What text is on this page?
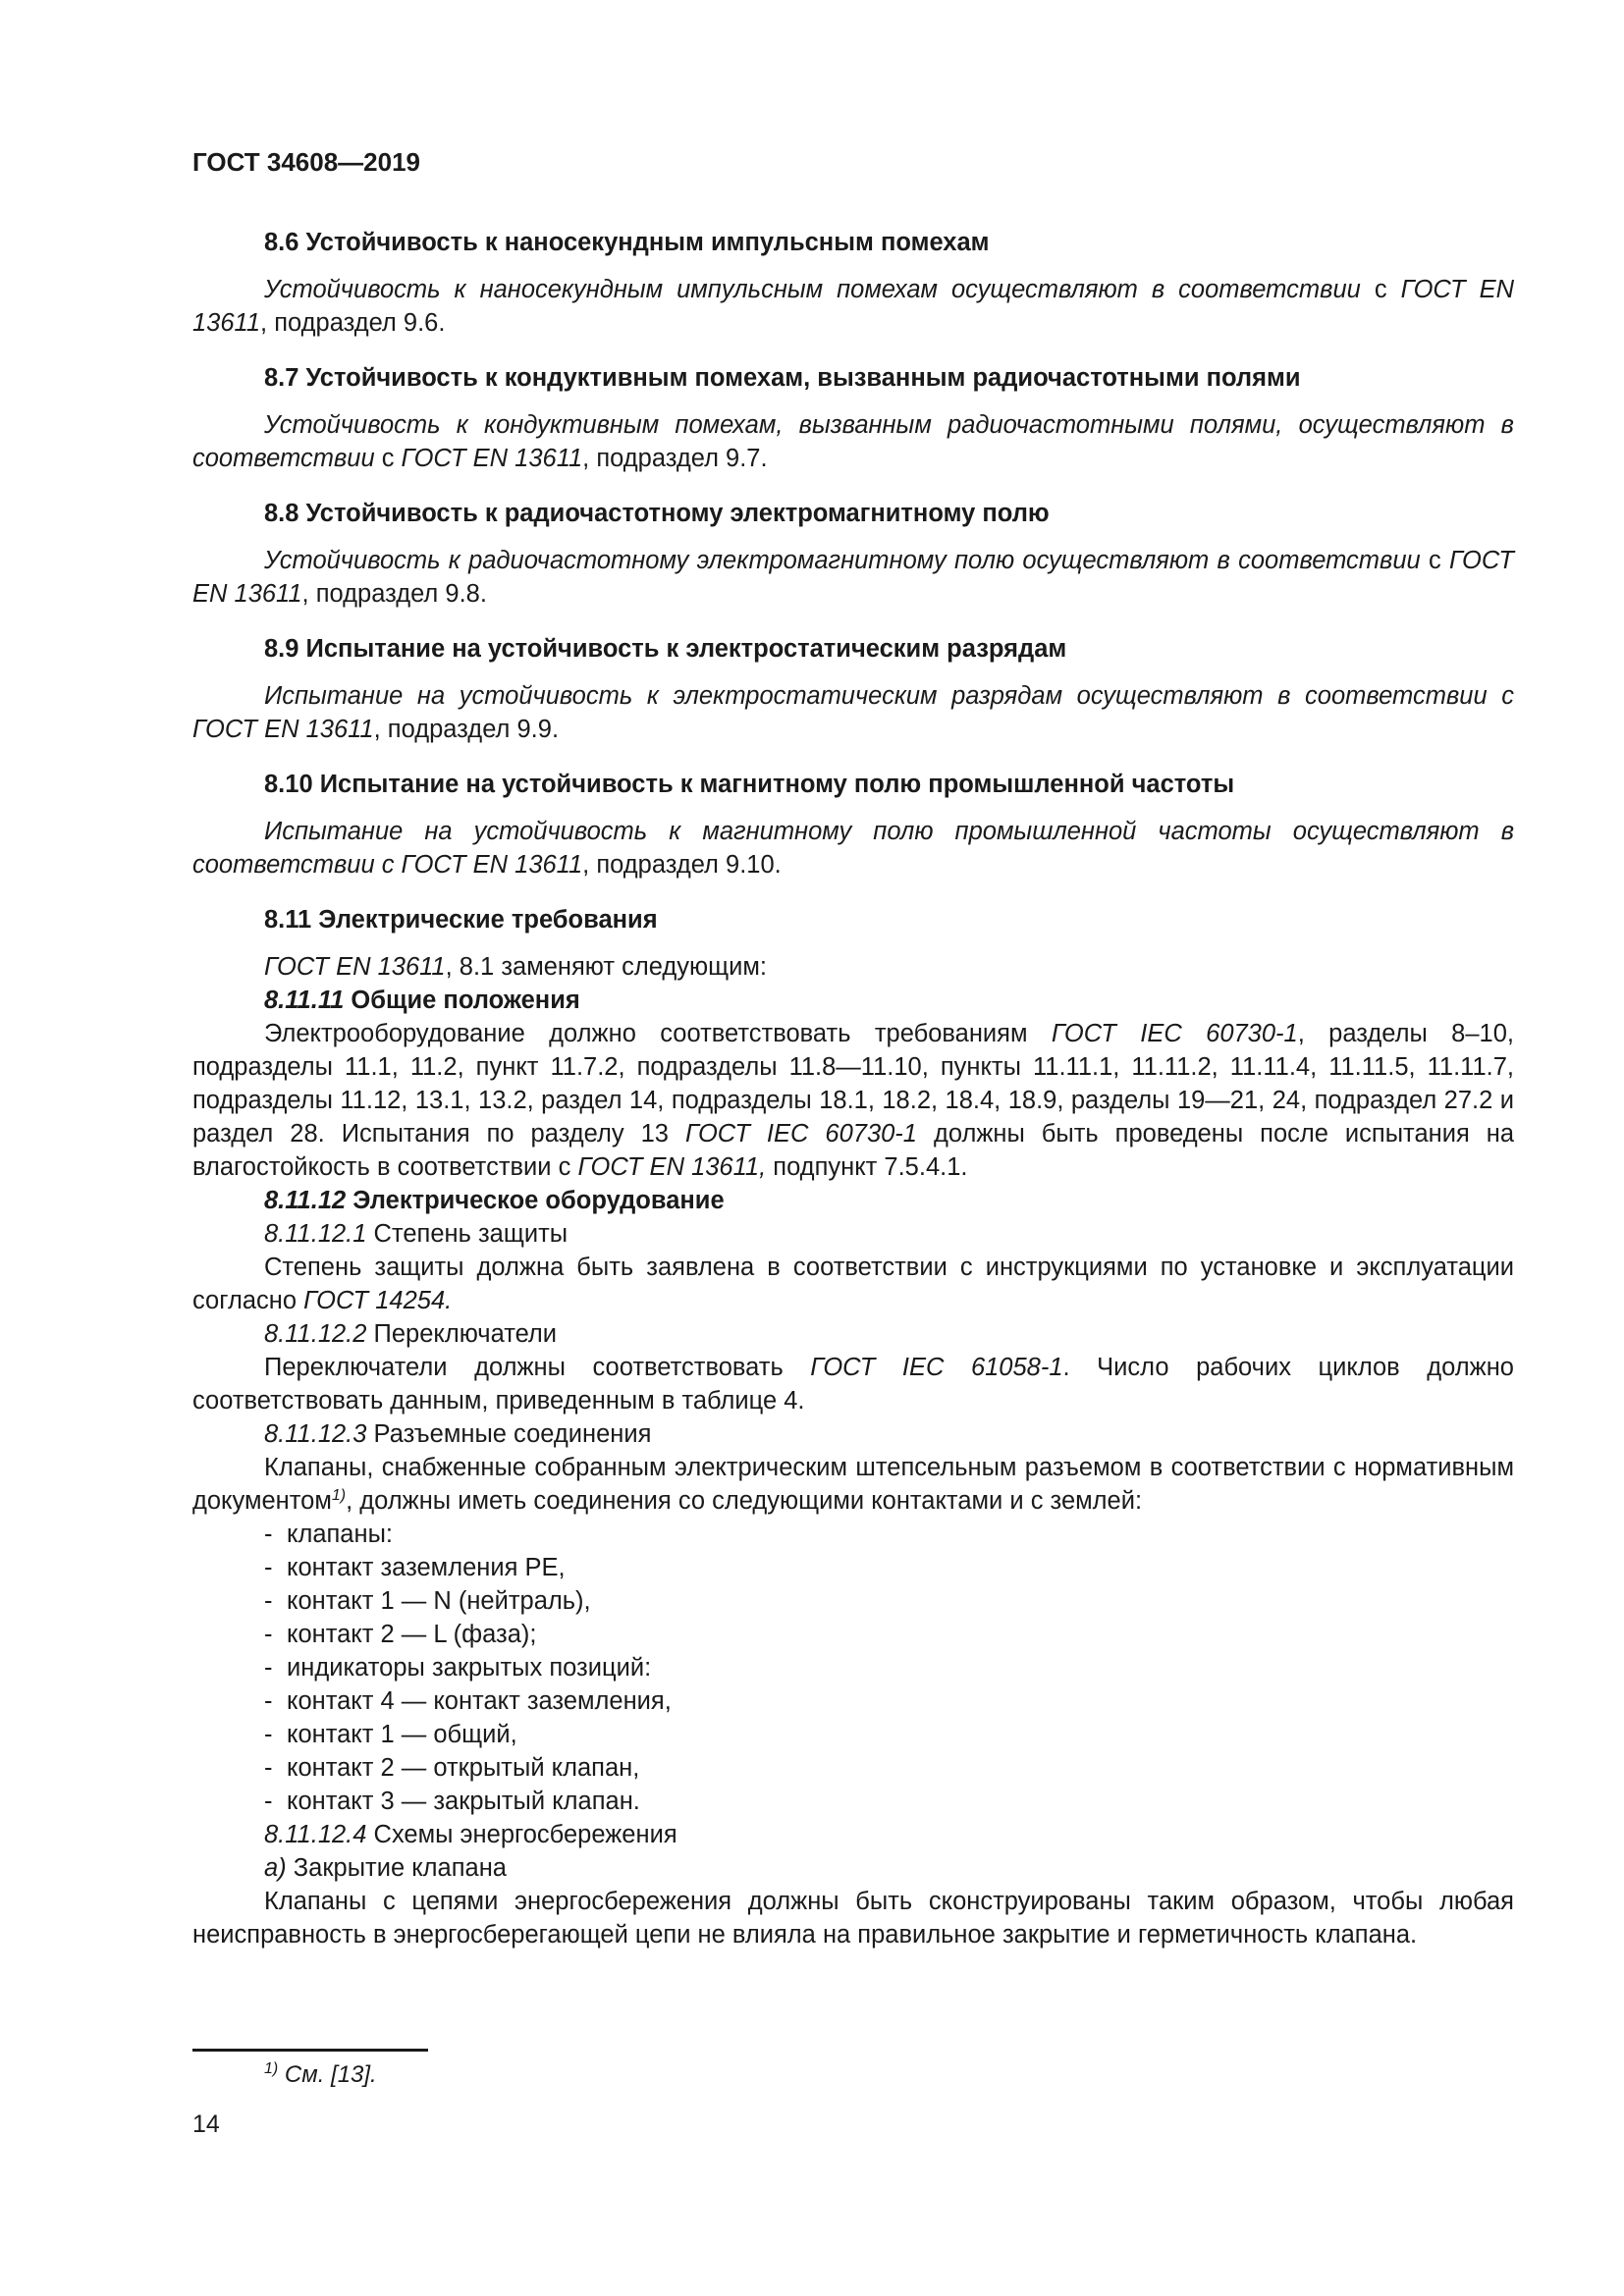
ГОСТ 34608—2019
8.6 Устойчивость к наносекундным импульсным помехам

Устойчивость к наносекундным импульсным помехам осуществляют в соответствии с ГОСТ EN 13611, подраздел 9.6.

8.7 Устойчивость к кондуктивным помехам, вызванным радиочастотными полями

Устойчивость к кондуктивным помехам, вызванным радиочастотными полями, осуществляют в соответствии с ГОСТ EN 13611, подраздел 9.7.

8.8 Устойчивость к радиочастотному электромагнитному полю

Устойчивость к радиочастотному электромагнитному полю осуществляют в соответствии с ГОСТ EN 13611, подраздел 9.8.

8.9 Испытание на устойчивость к электростатическим разрядам

Испытание на устойчивость к электростатическим разрядам осуществляют в соответствии с ГОСТ EN 13611, подраздел 9.9.

8.10 Испытание на устойчивость к магнитному полю промышленной частоты

Испытание на устойчивость к магнитному полю промышленной частоты осуществляют в соответствии с ГОСТ EN 13611, подраздел 9.10.

8.11 Электрические требования

ГОСТ EN 13611, 8.1 заменяют следующим:

8.11.11 Общие положения

Электрооборудование должно соответствовать требованиям ГОСТ IEC 60730-1, разделы 8–10, подразделы 11.1, 11.2, пункт 11.7.2, подразделы 11.8—11.10, пункты 11.11.1, 11.11.2, 11.11.4, 11.11.5, 11.11.7, подразделы 11.12, 13.1, 13.2, раздел 14, подразделы 18.1, 18.2, 18.4, 18.9, разделы 19—21, 24, подраздел 27.2 и раздел 28. Испытания по разделу 13 ГОСТ IEC 60730-1 должны быть проведены после испытания на влагостойкость в соответствии с ГОСТ EN 13611, подпункт 7.5.4.1.

8.11.12 Электрическое оборудование

8.11.12.1 Степень защиты

Степень защиты должна быть заявлена в соответствии с инструкциями по установке и эксплуатации согласно ГОСТ 14254.

8.11.12.2 Переключатели

Переключатели должны соответствовать ГОСТ IEC 61058-1. Число рабочих циклов должно соответствовать данным, приведенным в таблице 4.

8.11.12.3 Разъемные соединения

Клапаны, снабженные собранным электрическим штепсельным разъемом в соответствии с нормативным документом$^{1)}$, должны иметь соединения со следующими контактами и с землей:

- клапаны:

- контакт заземления РЕ,

- контакт 1 — N (нейтраль),

- контакт 2 — L (фаза);

- индикаторы закрытых позиций:

- контакт 4 — контакт заземления,

- контакт 1 — общий,

- контакт 2 — открытый клапан,

- контакт 3 — закрытый клапан.

8.11.12.4 Схемы энергосбережения

а) Закрытие клапана

Клапаны с цепями энергосбережения должны быть сконструированы таким образом, чтобы любая неисправность в энергосберегающей цепи не влияла на правильное закрытие и герметичность клапана.

$^{1)}$ См. [13].
14
